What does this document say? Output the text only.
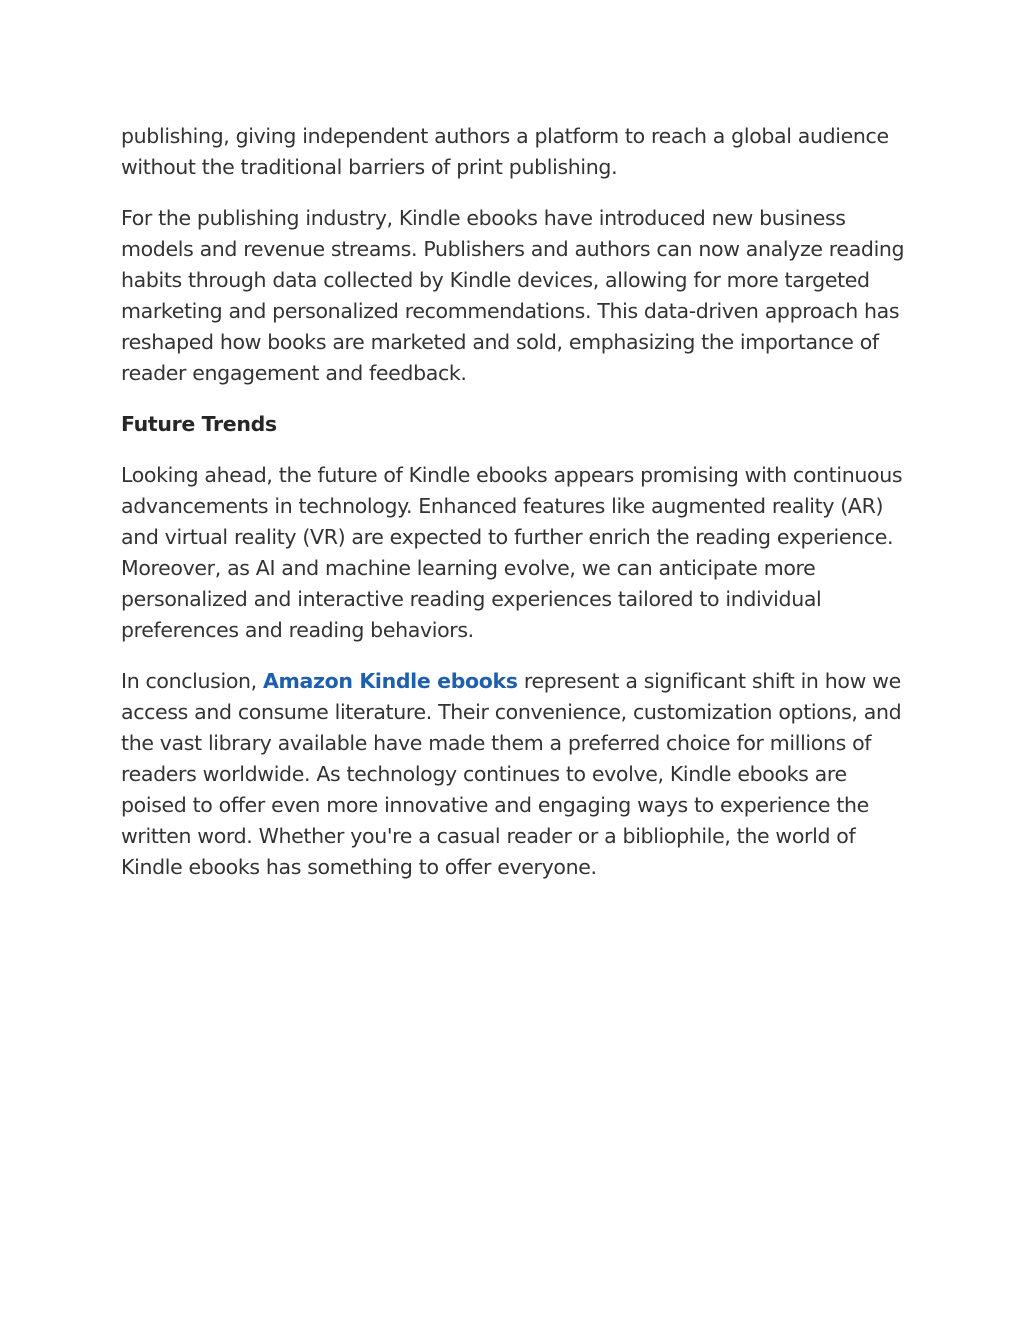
publishing, giving independent authors a platform to reach a global audience without the traditional barriers of print publishing.

For the publishing industry, Kindle ebooks have introduced new business models and revenue streams. Publishers and authors can now analyze reading habits through data collected by Kindle devices, allowing for more targeted marketing and personalized recommendations. This data-driven approach has reshaped how books are marketed and sold, emphasizing the importance of reader engagement and feedback.

Future Trends

Looking ahead, the future of Kindle ebooks appears promising with continuous advancements in technology. Enhanced features like augmented reality (AR) and virtual reality (VR) are expected to further enrich the reading experience. Moreover, as AI and machine learning evolve, we can anticipate more personalized and interactive reading experiences tailored to individual preferences and reading behaviors.

In conclusion, Amazon Kindle ebooks represent a significant shift in how we access and consume literature. Their convenience, customization options, and the vast library available have made them a preferred choice for millions of readers worldwide. As technology continues to evolve, Kindle ebooks are poised to offer even more innovative and engaging ways to experience the written word. Whether you're a casual reader or a bibliophile, the world of Kindle ebooks has something to offer everyone.
